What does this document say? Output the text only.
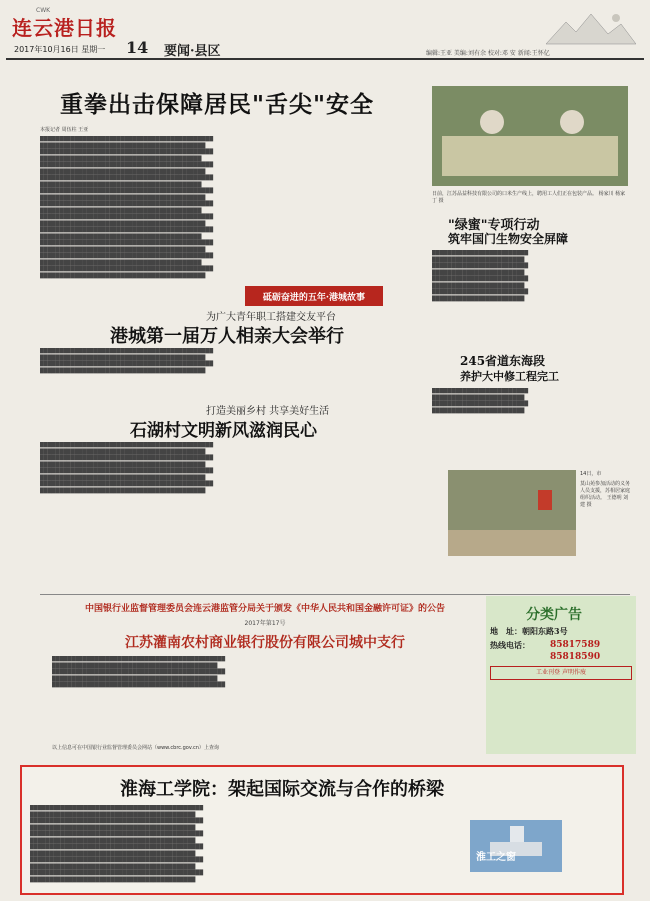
CWK
连云港日报
2017年10月16日 星期一 14 要闻·县区	编辑:王亚 美编:刘有余 校对:邓 安 新闻:王怀亿
重拳出击保障居民"舌尖"安全
本报记者 周伍柱 王亚
█████████████████████████████████████████████
███████████████████████████████████████████
█████████████████████████████████████████████
██████████████████████████████████████████
█████████████████████████████████████████████
███████████████████████████████████████████
█████████████████████████████████████████████
██████████████████████████████████████████
█████████████████████████████████████████████
███████████████████████████████████████████
█████████████████████████████████████████████
██████████████████████████████████████████
█████████████████████████████████████████████
███████████████████████████████████████████
█████████████████████████████████████████████
██████████████████████████████████████████
█████████████████████████████████████████████
███████████████████████████████████████████
█████████████████████████████████████████████
██████████████████████████████████████████
█████████████████████████████████████████████
███████████████████████████████████████████
日前，江苏品益科技有限公司的口米生产线上，聘用工人们正在包装产品。 杨家川 杨家丁 摄
砥砺奋进的五年·港城故事
"绿蜜"专项行动
筑牢国门生物安全屏障
█████████████████████████
████████████████████████
█████████████████████████
████████████████████████
█████████████████████████
████████████████████████
█████████████████████████
████████████████████████
245省道东海段
养护大中修工程完工
█████████████████████████
████████████████████████
█████████████████████████
████████████████████████
为广大青年职工搭建交友平台
港城第一届万人相亲大会举行
█████████████████████████████████████████████
███████████████████████████████████████████
█████████████████████████████████████████████
███████████████████████████████████████████
打造美丽乡村 共享美好生活
石湖村文明新风滋润民心
█████████████████████████████████████████████
███████████████████████████████████████████
█████████████████████████████████████████████
███████████████████████████████████████████
█████████████████████████████████████████████
███████████████████████████████████████████
█████████████████████████████████████████████
███████████████████████████████████████████
14日，市
莫山苑参加活动的义务人员支援，苏相居家庭组织活动。 王德明 刘建 摄
中国银行业监督管理委员会连云港监管分局关于颁发《中华人民共和国金融许可证》的公告
2017年第17号
江苏灌南农村商业银行股份有限公司城中支行
█████████████████████████████████████████████
███████████████████████████████████████████
█████████████████████████████████████████████
███████████████████████████████████████████
█████████████████████████████████████████████
以上信息可在中国银行业监督管理委员会网站（www.cbrc.gov.cn）上查询
分类广告
地　址：朝阳东路3号
热线电话： 85817589
85818590
工业刊登 声明作废
淮海工学院：架起国际交流与合作的桥梁
█████████████████████████████████████████████
███████████████████████████████████████████
█████████████████████████████████████████████
███████████████████████████████████████████
█████████████████████████████████████████████
███████████████████████████████████████████
█████████████████████████████████████████████
███████████████████████████████████████████
█████████████████████████████████████████████
███████████████████████████████████████████
█████████████████████████████████████████████
███████████████████████████████████████████
淮工之窗
